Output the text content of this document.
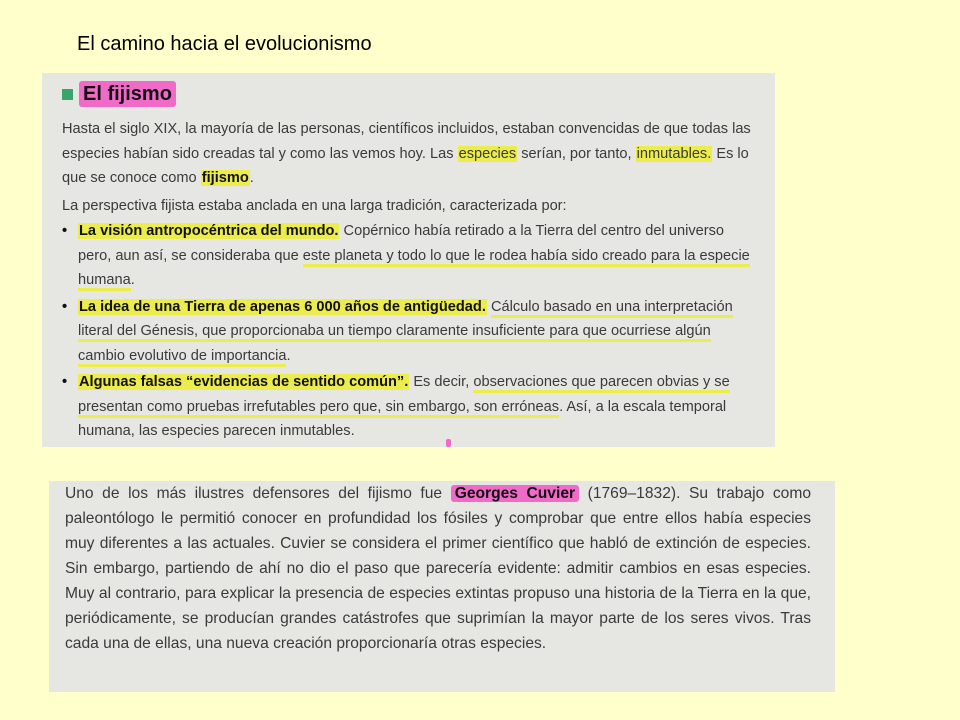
El camino hacia el evolucionismo
El fijismo

Hasta el siglo XIX, la mayoría de las personas, científicos incluidos, estaban convencidas de que todas las especies habían sido creadas tal y como las vemos hoy. Las especies serían, por tanto, inmutables. Es lo que se conoce como fijismo.

La perspectiva fijista estaba anclada en una larga tradición, caracterizada por:

• La visión antropocéntrica del mundo. Copérnico había retirado a la Tierra del centro del universo pero, aun así, se consideraba que este planeta y todo lo que le rodea había sido creado para la especie humana.
• La idea de una Tierra de apenas 6 000 años de antigüedad. Cálculo basado en una interpretación literal del Génesis, que proporcionaba un tiempo claramente insuficiente para que ocurriese algún cambio evolutivo de importancia.
• Algunas falsas “evidencias de sentido común”. Es decir, observaciones que parecen obvias y se presentan como pruebas irrefutables pero que, sin embargo, son erróneas. Así, a la escala temporal humana, las especies parecen inmutables.

Uno de los más ilustres defensores del fijismo fue Georges Cuvier (1769–1832). Su trabajo como paleontólogo le permitió conocer en profundidad los fósiles y comprobar que entre ellos había especies muy diferentes a las actuales. Cuvier se considera el primer científico que habló de extinción de especies. Sin embargo, partiendo de ahí no dio el paso que parecería evidente: admitir cambios en esas especies. Muy al contrario, para explicar la presencia de especies extintas propuso una historia de la Tierra en la que, periódicamente, se producían grandes catástrofes que suprimían la mayor parte de los seres vivos. Tras cada una de ellas, una nueva creación proporcionaría otras especies.
